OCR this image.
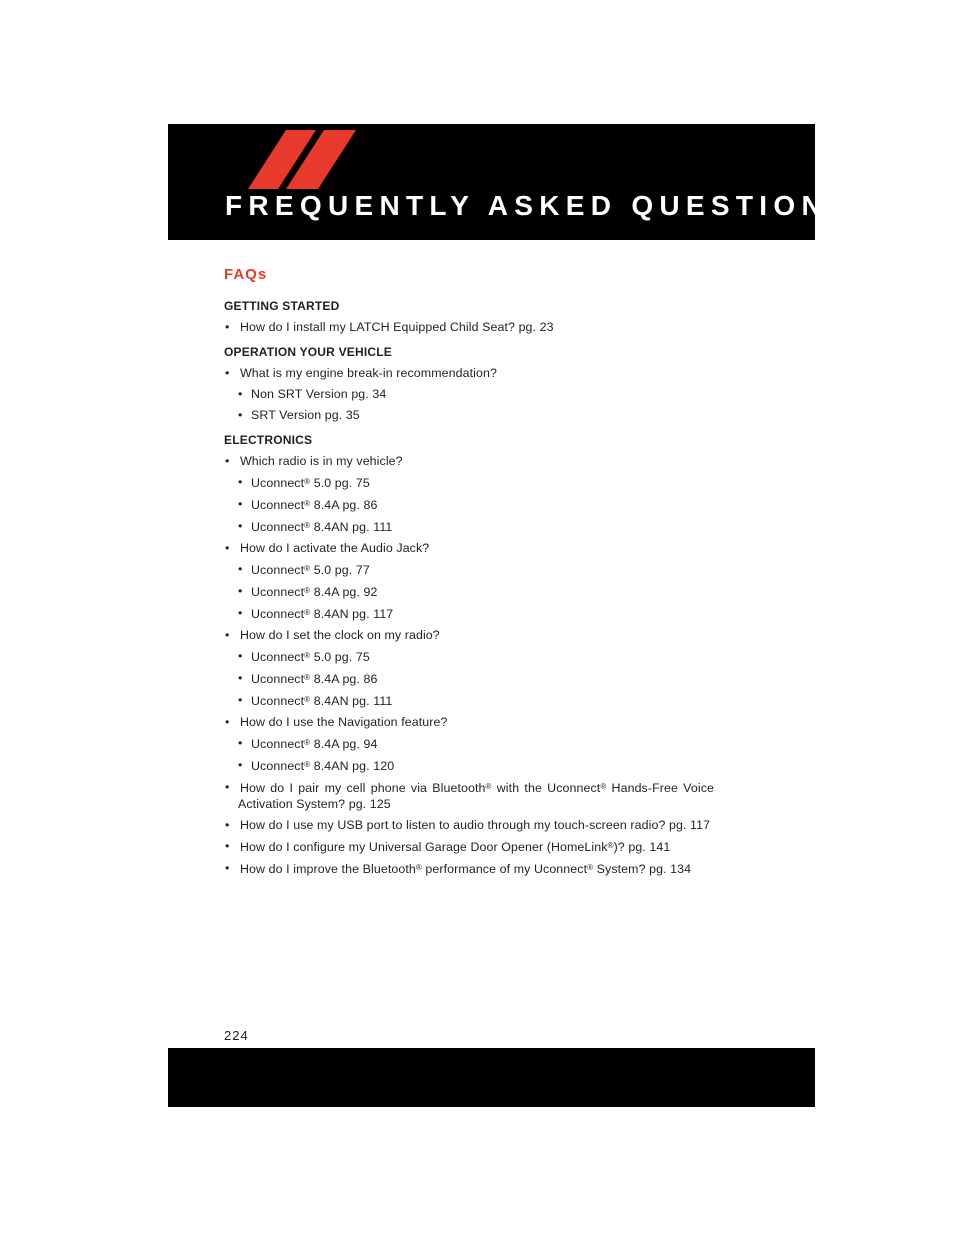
FREQUENTLY ASKED QUESTIONS
FAQs
GETTING STARTED
• How do I install my LATCH Equipped Child Seat? pg. 23
OPERATION YOUR VEHICLE
• What is my engine break-in recommendation?
• Non SRT Version pg. 34
• SRT Version pg. 35
ELECTRONICS
• Which radio is in my vehicle?
• Uconnect® 5.0 pg. 75
• Uconnect® 8.4A pg. 86
• Uconnect® 8.4AN pg. 111
• How do I activate the Audio Jack?
• Uconnect® 5.0 pg. 77
• Uconnect® 8.4A pg. 92
• Uconnect® 8.4AN pg. 117
• How do I set the clock on my radio?
• Uconnect® 5.0 pg. 75
• Uconnect® 8.4A pg. 86
• Uconnect® 8.4AN pg. 111
• How do I use the Navigation feature?
• Uconnect® 8.4A pg. 94
• Uconnect® 8.4AN pg. 120
• How do I pair my cell phone via Bluetooth® with the Uconnect® Hands-Free Voice Activation System? pg. 125
• How do I use my USB port to listen to audio through my touch-screen radio? pg. 117
• How do I configure my Universal Garage Door Opener (HomeLink®)? pg. 141
• How do I improve the Bluetooth® performance of my Uconnect® System? pg. 134
224
